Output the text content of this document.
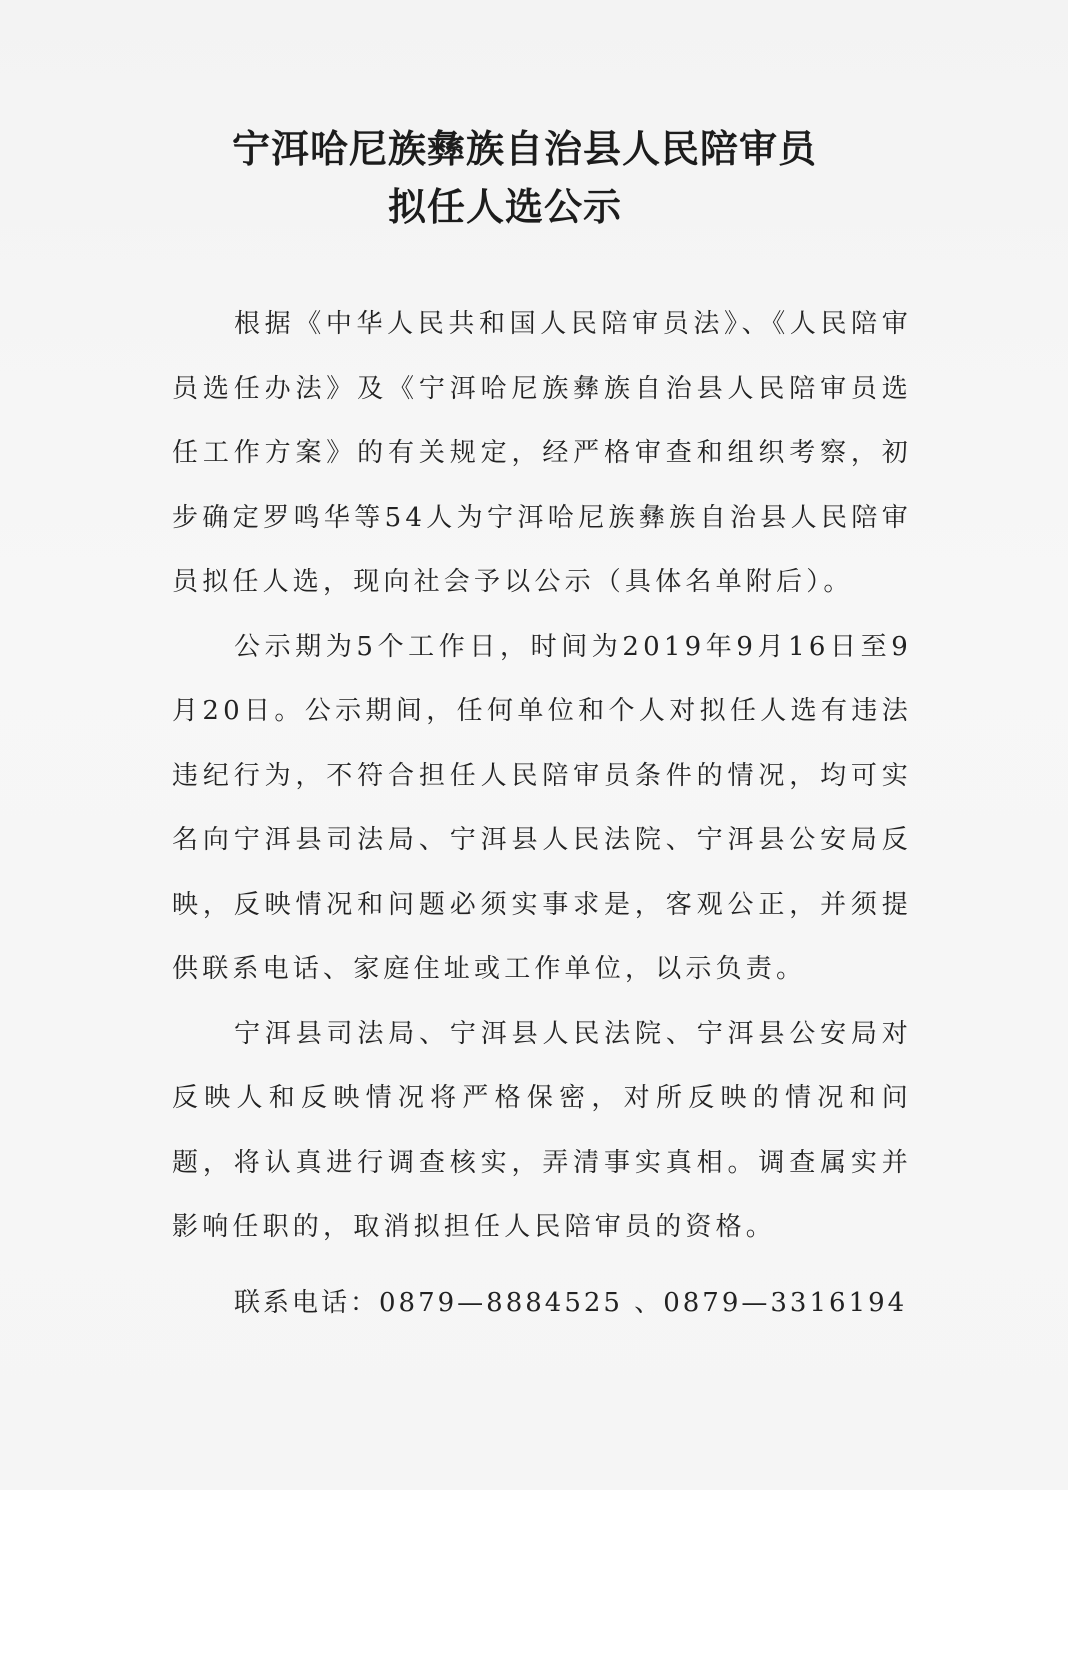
宁洱哈尼族彝族自治县人民陪审员
拟任人选公示

根据《中华人民共和国人民陪审员法》、《人民陪审员选任办法》及《宁洱哈尼族彝族自治县人民陪审员选任工作方案》的有关规定，经严格审查和组织考察，初步确定罗鸣华等54人为宁洱哈尼族彝族自治县人民陪审员拟任人选，现向社会予以公示（具体名单附后）。

公示期为5个工作日，时间为2019年9月16日至9月20日。公示期间，任何单位和个人对拟任人选有违法违纪行为，不符合担任人民陪审员条件的情况，均可实名向宁洱县司法局、宁洱县人民法院、宁洱县公安局反映，反映情况和问题必须实事求是，客观公正，并须提供联系电话、家庭住址或工作单位，以示负责。

宁洱县司法局、宁洱县人民法院、宁洱县公安局对反映人和反映情况将严格保密，对所反映的情况和问题，将认真进行调查核实，弄清事实真相。调查属实并影响任职的，取消拟担任人民陪审员的资格。

联系电话：0879—8884525 、0879—3316194
